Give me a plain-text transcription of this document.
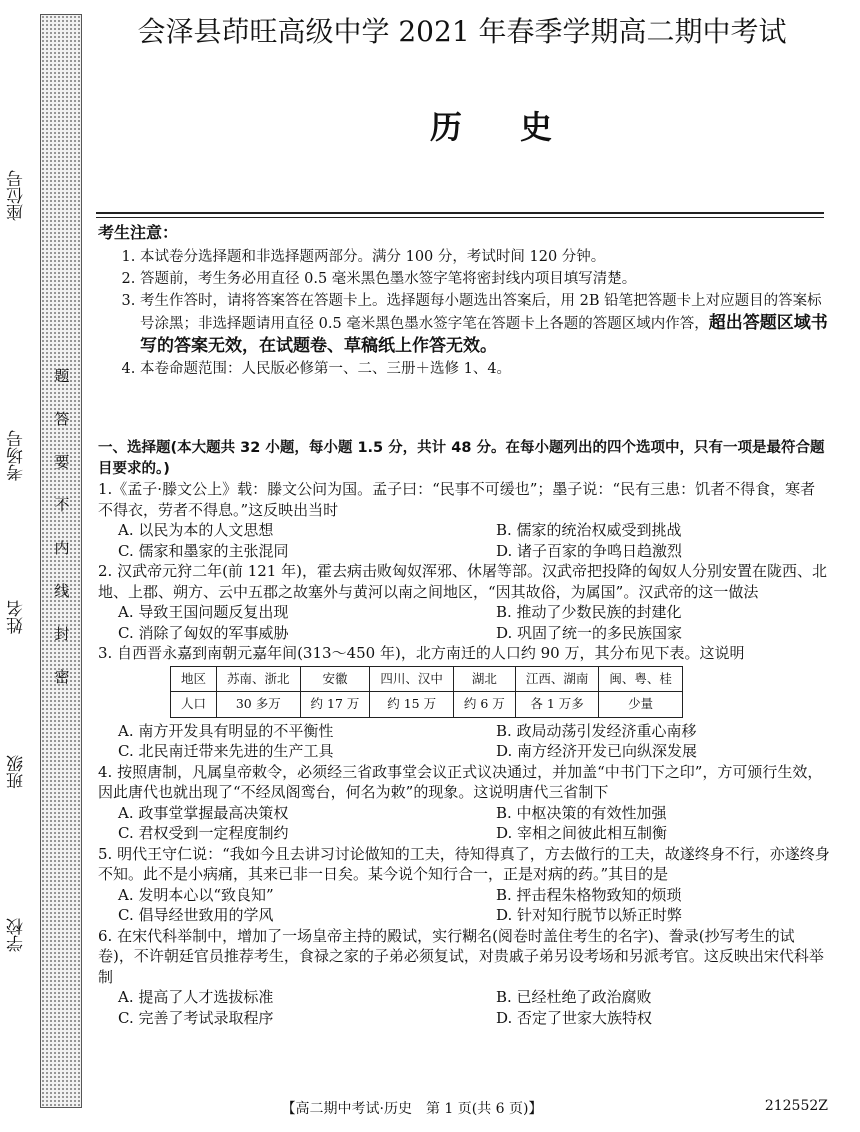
座位号
考场号
姓名
班级
学校
题
答
要
不
内
线
封
密
会泽县茚旺高级中学 2021 年春季学期高二期中考试
历史
考生注意：
1. 本试卷分选择题和非选择题两部分。满分 100 分，考试时间 120 分钟。
2. 答题前，考生务必用直径 0.5 毫米黑色墨水签字笔将密封线内项目填写清楚。
3. 考生作答时，请将答案答在答题卡上。选择题每小题选出答案后，用 2B 铅笔把答题卡上对应题目的答案标号涂黑；非选择题请用直径 0.5 毫米黑色墨水签字笔在答题卡上各题的答题区域内作答，超出答题区域书写的答案无效，在试题卷、草稿纸上作答无效。
4. 本卷命题范围：人民版必修第一、二、三册＋选修 1、4。
一、选择题(本大题共 32 小题，每小题 1.5 分，共计 48 分。在每小题列出的四个选项中，只有一项是最符合题目要求的。)
1.《孟子·滕文公上》载：滕文公问为国。孟子曰：“民事不可缓也”；墨子说：“民有三患：饥者不得食，寒者不得衣，劳者不得息。”这反映出当时
A. 以民为本的人文思想	B. 儒家的统治权威受到挑战
C. 儒家和墨家的主张混同	D. 诸子百家的争鸣日趋激烈
2. 汉武帝元狩二年(前 121 年)，霍去病击败匈奴浑邪、休屠等部。汉武帝把投降的匈奴人分别安置在陇西、北地、上郡、朔方、云中五郡之故塞外与黄河以南之间地区，“因其故俗，为属国”。汉武帝的这一做法
A. 导致王国问题反复出现	B. 推动了少数民族的封建化
C. 消除了匈奴的军事威胁	D. 巩固了统一的多民族国家
3. 自西晋永嘉到南朝元嘉年间(313～450 年)，北方南迁的人口约 90 万，其分布见下表。这说明
地区	苏南、浙北	安徽	四川、汉中	湖北	江西、湖南	闽、粤、桂
人口	30 多万	约 17 万	约 15 万	约 6 万	各 1 万多	少量
A. 南方开发具有明显的不平衡性	B. 政局动荡引发经济重心南移
C. 北民南迁带来先进的生产工具	D. 南方经济开发已向纵深发展
4. 按照唐制，凡属皇帝敕令，必须经三省政事堂会议正式议决通过，并加盖“中书门下之印”，方可颁行生效，因此唐代也就出现了“不经凤阁鸾台，何名为敕”的现象。这说明唐代三省制下
A. 政事堂掌握最高决策权	B. 中枢决策的有效性加强
C. 君权受到一定程度制约	D. 宰相之间彼此相互制衡
5. 明代王守仁说：“我如今且去讲习讨论做知的工夫，待知得真了，方去做行的工夫，故遂终身不行，亦遂终身不知。此不是小病痛，其来已非一日矣。某今说个知行合一，正是对病的药。”其目的是
A. 发明本心以“致良知”	B. 抨击程朱格物致知的烦琐
C. 倡导经世致用的学风	D. 针对知行脱节以矫正时弊
6. 在宋代科举制中，增加了一场皇帝主持的殿试，实行糊名(阅卷时盖住考生的名字)、誊录(抄写考生的试卷)，不许朝廷官员推荐考生，食禄之家的子弟必须复试，对贵戚子弟另设考场和另派考官。这反映出宋代科举制
A. 提高了人才选拔标准	B. 已经杜绝了政治腐败
C. 完善了考试录取程序	D. 否定了世家大族特权
【高二期中考试·历史　第 1 页(共 6 页)】	212552Z
